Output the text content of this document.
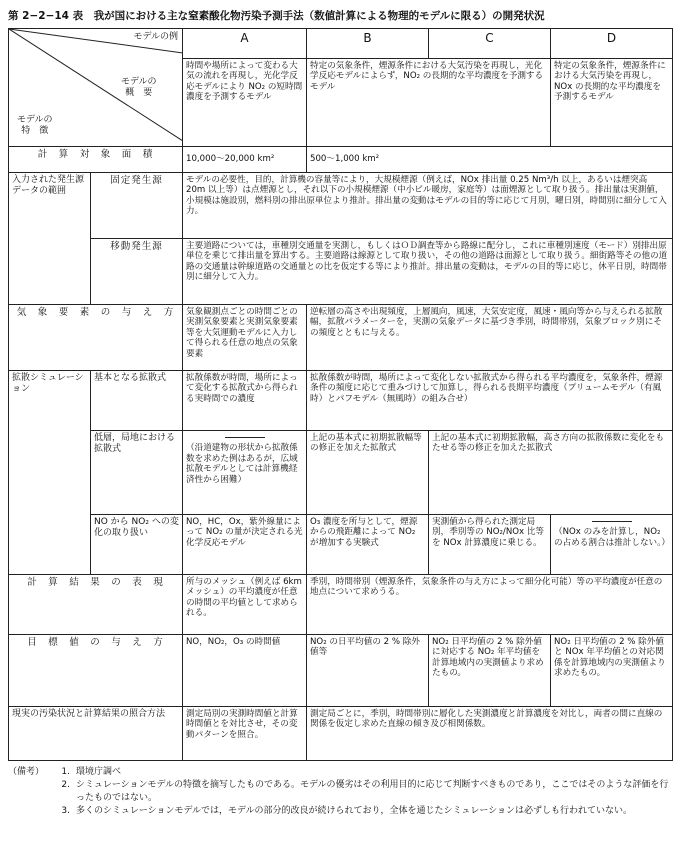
第 2−2−14 表　我が国における主な窒素酸化物汚染予測手法（数値計算による物理的モデルに限る）の開発状況
モデルの例
モデルの
概　要
モデルの
特　徴		A	B	C	D
		時間や場所によって変わる大気の流れを再現し，光化学反応モデルにより NO₂ の短時間濃度を予測するモデル	特定の気象条件，煙源条件における大気汚染を再現し，光化学反応モデルによらず，NO₂ の長期的な平均濃度を予測するモデル		特定の気象条件，煙源条件における大気汚染を再現し，NOx の長期的な平均濃度を予測するモデル
計　算　対　象　面　積		10,000〜20,000 km²	500〜1,000 km²		
入力された発生源データの範囲	固定発生源	モデルの必要性，目的，計算機の容量等により，大規模煙源（例えば，NOx 排出量 0.25 Nm³/h 以上，あるいは煙突高 20m 以上等）は点煙源とし，それ以下の小規模煙源（中小ビル暖房，家庭等）は面煙源として取り扱う。排出量は実測値，小規模は施設別，燃料別の排出原単位より推計。排出量の変動はモデルの目的等に応じて月別，曜日別，時間別に細分して入力。			
	移動発生源	主要道路については，車種別交通量を実測し，もしくはＯＤ調査等から路線に配分し，これに車種別速度（モード）別排出原単位を乗じて排出量を算出する。主要道路は線源として取り扱い，その他の道路は面源として取り扱う。細街路等その他の道路の交通量は幹線道路の交通量との比を仮定する等により推計。排出量の変動は，モデルの目的等に応じ，休平日別，時間帯別に細分して入力。			
気　象　要　素　の　与　え　方		気象観測点ごとの時間ごとの実測気象要素と実測気象要素等を大気運動モデルに入力して得られる任意の地点の気象要素	逆転層の高さや出現頻度，上層風向，風速，大気安定度，風速・風向等から与えられる拡散幅，拡散パラメーターを，実測の気象データに基づき季別，時間帯別，気象ブロック別にその頻度とともに与える。		
拡散シミュレーション	基本となる拡散式	拡散係数が時間，場所によって変化する拡散式から得られる実時間での濃度	拡散係数が時間，場所によって変化しない拡散式から得られる平均濃度を，気象条件，煙源条件の頻度に応じて重みづけして加算し，得られる長期平均濃度（プリュームモデル（有風時）とパフモデル（無風時）の組み合せ）		
	低層，局地における拡散式	（沿道建物の形状から拡散係数を求めた例はあるが，広域拡散モデルとしては計算機経済性から困難）	上記の基本式に初期拡散幅等の修正を加えた拡散式	上記の基本式に初期拡散幅，高さ方向の拡散係数に変化をもたせる等の修正を加えた拡散式	
	NO から NO₂ への変化の取り扱い	NO，HC，Ox，紫外線量によって NO₂ の量が決定される光化学反応モデル	O₃ 濃度を所与として，煙源からの飛距離によって NO₂ が増加する実験式	実測値から得られた測定局別，季別等の NO₂/NOx 比等を NOx 計算濃度に乗じる。	（NOx のみを計算し，NO₂ の占める割合は推計しない。）

計　算　結　果　の　表　現		所与のメッシュ（例えば 6km メッシュ）の平均濃度が任意の時間の平均値として求められる。	季別，時間帯別（煙源条件，気象条件の与え方によって細分化可能）等の平均濃度が任意の地点について求めうる。		
目　標　値　の　与　え　方		NO，NO₂，O₃ の時間値	NO₂ の日平均値の 2 % 除外値等	NO₂ 日平均値の 2 % 除外値に対応する NO₂ 年平均値を計算地域内の実測値より求めたもの。	NO₂ 日平均値の 2 % 除外値と NOx 年平均値との対応関係を計算地域内の実測値より求めたもの。
現実の汚染状況と計算結果の照合方法		測定局別の実測時間値と計算時間値とを対比させ，その変動パターンを照合。	測定局ごとに，季別，時間帯別に層化した実測濃度と計算濃度を対比し，両者の間に直線の関係を仮定し求めた直線の傾き及び相関係数。		
（備考）	1. 環境庁調べ
2. シミュレーションモデルの特徴を摘写したものである。モデルの優劣はその利用目的に応じて判断すべきものであり，ここではそのような評価を行ったものではない。
3. 多くのシミュレーションモデルでは，モデルの部分的改良が続けられており，全体を通じたシミュレーションは必ずしも行われていない。
